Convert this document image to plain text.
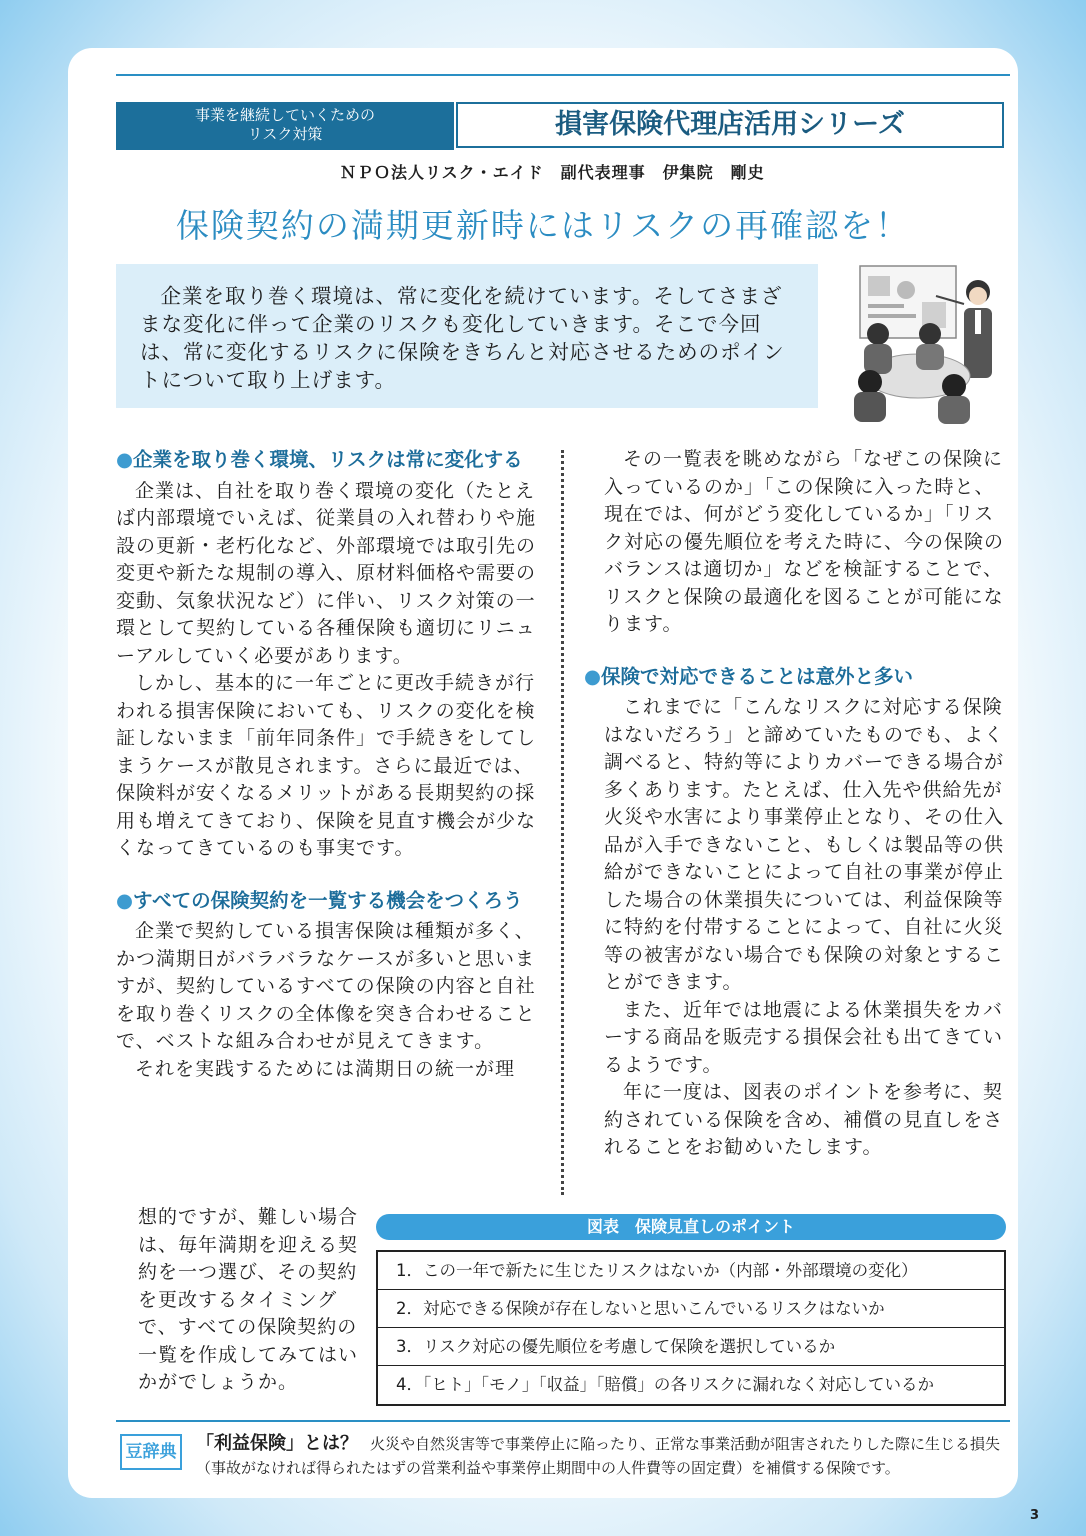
事業を継続していくための
リスク対策	損害保険代理店活用シリーズ
ＮＰＯ法人リスク・エイド　副代表理事　伊集院　剛史
保険契約の満期更新時にはリスクの再確認を！
企業を取り巻く環境は、常に変化を続けています。そしてさまざまな変化に伴って企業のリスクも変化していきます。そこで今回は、常に変化するリスクに保険をきちんと対応させるためのポイントについて取り上げます。
●企業を取り巻く環境、リスクは常に変化する

企業は、自社を取り巻く環境の変化（たとえば内部環境でいえば、従業員の入れ替わりや施設の更新・老朽化など、外部環境では取引先の変更や新たな規制の導入、原材料価格や需要の変動、気象状況など）に伴い、リスク対策の一環として契約している各種保険も適切にリニューアルしていく必要があります。

しかし、基本的に一年ごとに更改手続きが行われる損害保険においても、リスクの変化を検証しないまま「前年同条件」で手続きをしてしまうケースが散見されます。さらに最近では、保険料が安くなるメリットがある長期契約の採用も増えてきており、保険を見直す機会が少なくなってきているのも事実です。

●すべての保険契約を一覧する機会をつくろう

企業で契約している損害保険は種類が多く、かつ満期日がバラバラなケースが多いと思いますが、契約しているすべての保険の内容と自社を取り巻くリスクの全体像を突き合わせることで、ベストな組み合わせが見えてきます。

それを実践するためには満期日の統一が理

想的ですが、難しい場合は、毎年満期を迎える契約を一つ選び、その契約を更改するタイミングで、すべての保険契約の一覧を作成してみてはいかがでしょうか。

その一覧表を眺めながら「なぜこの保険に入っているのか」「この保険に入った時と、現在では、何がどう変化しているか」「リスク対応の優先順位を考えた時に、今の保険のバランスは適切か」などを検証することで、リスクと保険の最適化を図ることが可能になります。

●保険で対応できることは意外と多い

これまでに「こんなリスクに対応する保険はないだろう」と諦めていたものでも、よく調べると、特約等によりカバーできる場合が多くあります。たとえば、仕入先や供給先が火災や水害により事業停止となり、その仕入品が入手できないこと、もしくは製品等の供給ができないことによって自社の事業が停止した場合の休業損失については、利益保険等に特約を付帯することによって、自社に火災等の被害がない場合でも保険の対象とすることができます。

また、近年では地震による休業損失をカバーする商品を販売する損保会社も出てきているようです。

年に一度は、図表のポイントを参考に、契約されている保険を含め、補償の見直しをされることをお勧めいたします。

図表　保険見直しのポイント
1．この一年で新たに生じたリスクはないか（内部・外部環境の変化）
2．対応できる保険が存在しないと思いこんでいるリスクはないか
3．リスク対応の優先順位を考慮して保険を選択しているか
4．「ヒト」「モノ」「収益」「賠償」の各リスクに漏れなく対応しているか
豆辞典	「利益保険」とは？ 火災や自然災害等で事業停止に陥ったり、正常な事業活動が阻害されたりした際に生じる損失（事故がなければ得られたはずの営業利益や事業停止期間中の人件費等の固定費）を補償する保険です。
3
